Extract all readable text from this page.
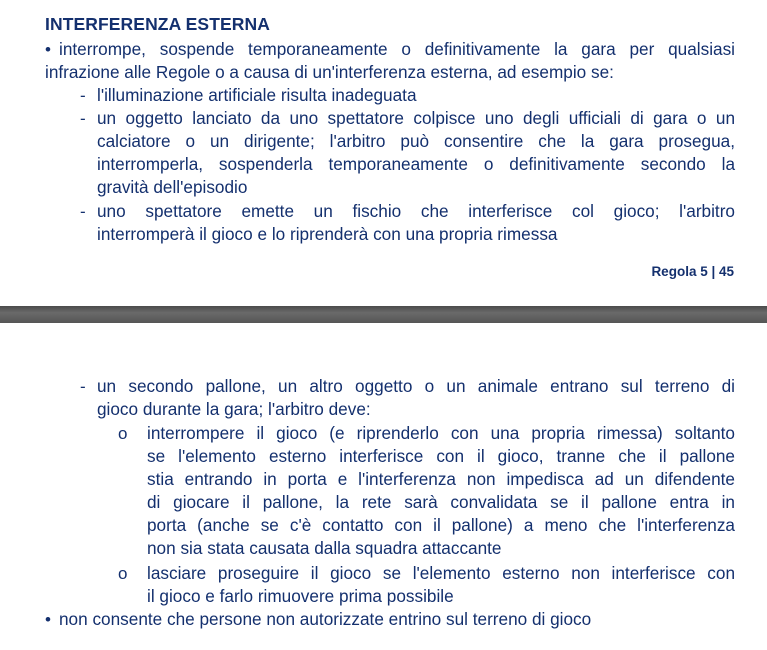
INTERFERENZA ESTERNA
• interrompe, sospende temporaneamente o definitivamente la gara per qualsiasi
infrazione alle Regole o a causa di un'interferenza esterna, ad esempio se:
- l'illuminazione artificiale risulta inadeguata
- un oggetto lanciato da uno spettatore colpisce uno degli ufficiali di gara o un
calciatore o un dirigente; l'arbitro può consentire che la gara prosegua,
interromperla, sospenderla temporaneamente o definitivamente secondo la
gravità dell'episodio
- uno spettatore emette un fischio che interferisce col gioco; l'arbitro
interromperà il gioco e lo riprenderà con una propria rimessa
Regola 5 | 45
- un secondo pallone, un altro oggetto o un animale entrano sul terreno di
gioco durante la gara; l'arbitro deve:
o interrompere il gioco (e riprenderlo con una propria rimessa) soltanto
se l'elemento esterno interferisce con il gioco, tranne che il pallone
stia entrando in porta e l'interferenza non impedisca ad un difendente
di giocare il pallone, la rete sarà convalidata se il pallone entra in
porta (anche se c'è contatto con il pallone) a meno che l'interferenza
non sia stata causata dalla squadra attaccante
o lasciare proseguire il gioco se l'elemento esterno non interferisce con
il gioco e farlo rimuovere prima possibile
• non consente che persone non autorizzate entrino sul terreno di gioco
